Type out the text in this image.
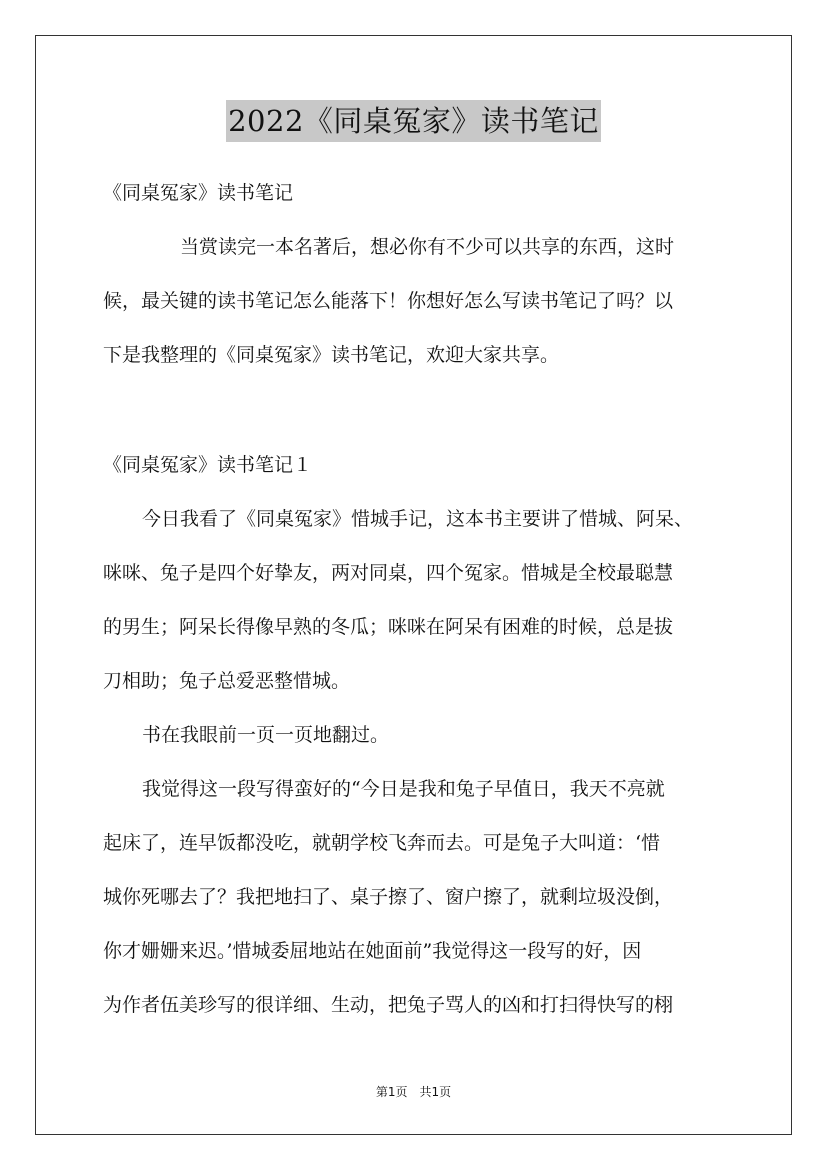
2022《同桌冤家》读书笔记
《同桌冤家》读书笔记
当赏读完一本名著后，想必你有不少可以共享的东西，这时
候，最关键的读书笔记怎么能落下！你想好怎么写读书笔记了吗？以
下是我整理的《同桌冤家》读书笔记，欢迎大家共享。
《同桌冤家》读书笔记１
今日我看了《同桌冤家》惜城手记，这本书主要讲了惜城、阿呆、
咪咪、兔子是四个好挚友，两对同桌，四个冤家。惜城是全校最聪慧
的男生；阿呆长得像早熟的冬瓜；咪咪在阿呆有困难的时候，总是拔
刀相助；兔子总爱恶整惜城。
书在我眼前一页一页地翻过。
我觉得这一段写得蛮好的“今日是我和兔子早值日，我天不亮就
起床了，连早饭都没吃，就朝学校飞奔而去。可是兔子大叫道：‘惜
城你死哪去了？我把地扫了、桌子擦了、窗户擦了，就剩垃圾没倒，
你才姗姗来迟。’惜城委屈地站在她面前”我觉得这一段写的好，因
为作者伍美珍写的很详细、生动，把兔子骂人的凶和打扫得快写的栩
第1页　共1页
